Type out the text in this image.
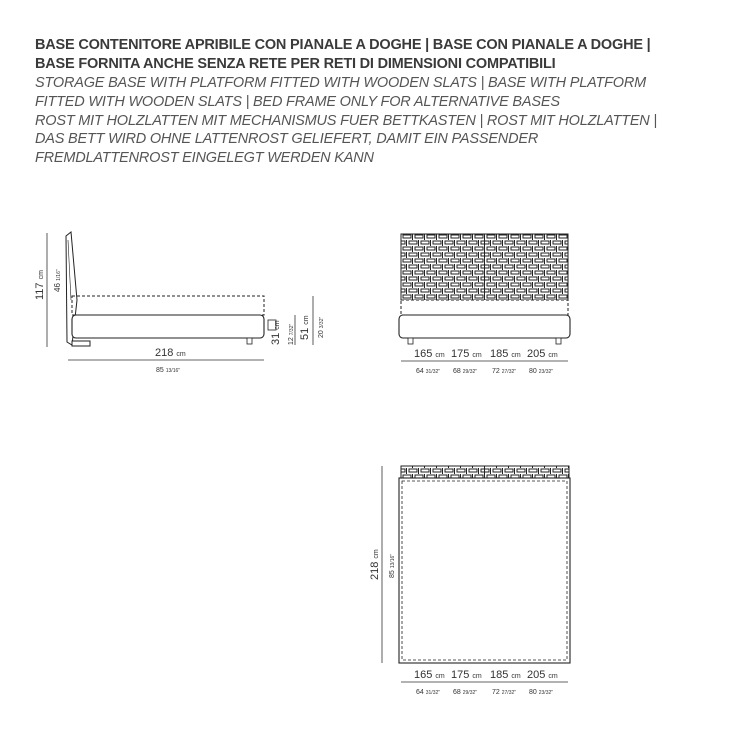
BASE CONTENITORE APRIBILE CON PIANALE A DOGHE | BASE CON PIANALE A DOGHE |
BASE FORNITA ANCHE SENZA RETE PER RETI DI DIMENSIONI COMPATIBILI
STORAGE BASE WITH PLATFORM FITTED WITH WOODEN SLATS | BASE WITH PLATFORM
FITTED WITH WOODEN SLATS | BED FRAME ONLY FOR ALTERNATIVE BASES
ROST MIT HOLZLATTEN MIT MECHANISMUS FUER BETTKASTEN | ROST MIT HOLZLATTEN |
DAS BETT WIRD OHNE LATTENROST GELIEFERT, DAMIT EIN PASSENDER
FREMDLATTENROST EINGELEGT WERDEN KANN
117 cm
46 1/16"
218 cm
85 13/16"
31 cm
12 7/32" 51 cm
20 3/32"
165 cm 175 cm 185 cm 205 cm
64 31/32" 68 29/32" 72 27/32" 80 23/32"
218 cm
85 13/16"
165 cm 175 cm 185 cm 205 cm
64 31/32" 68 29/32" 72 27/32" 80 23/32"
